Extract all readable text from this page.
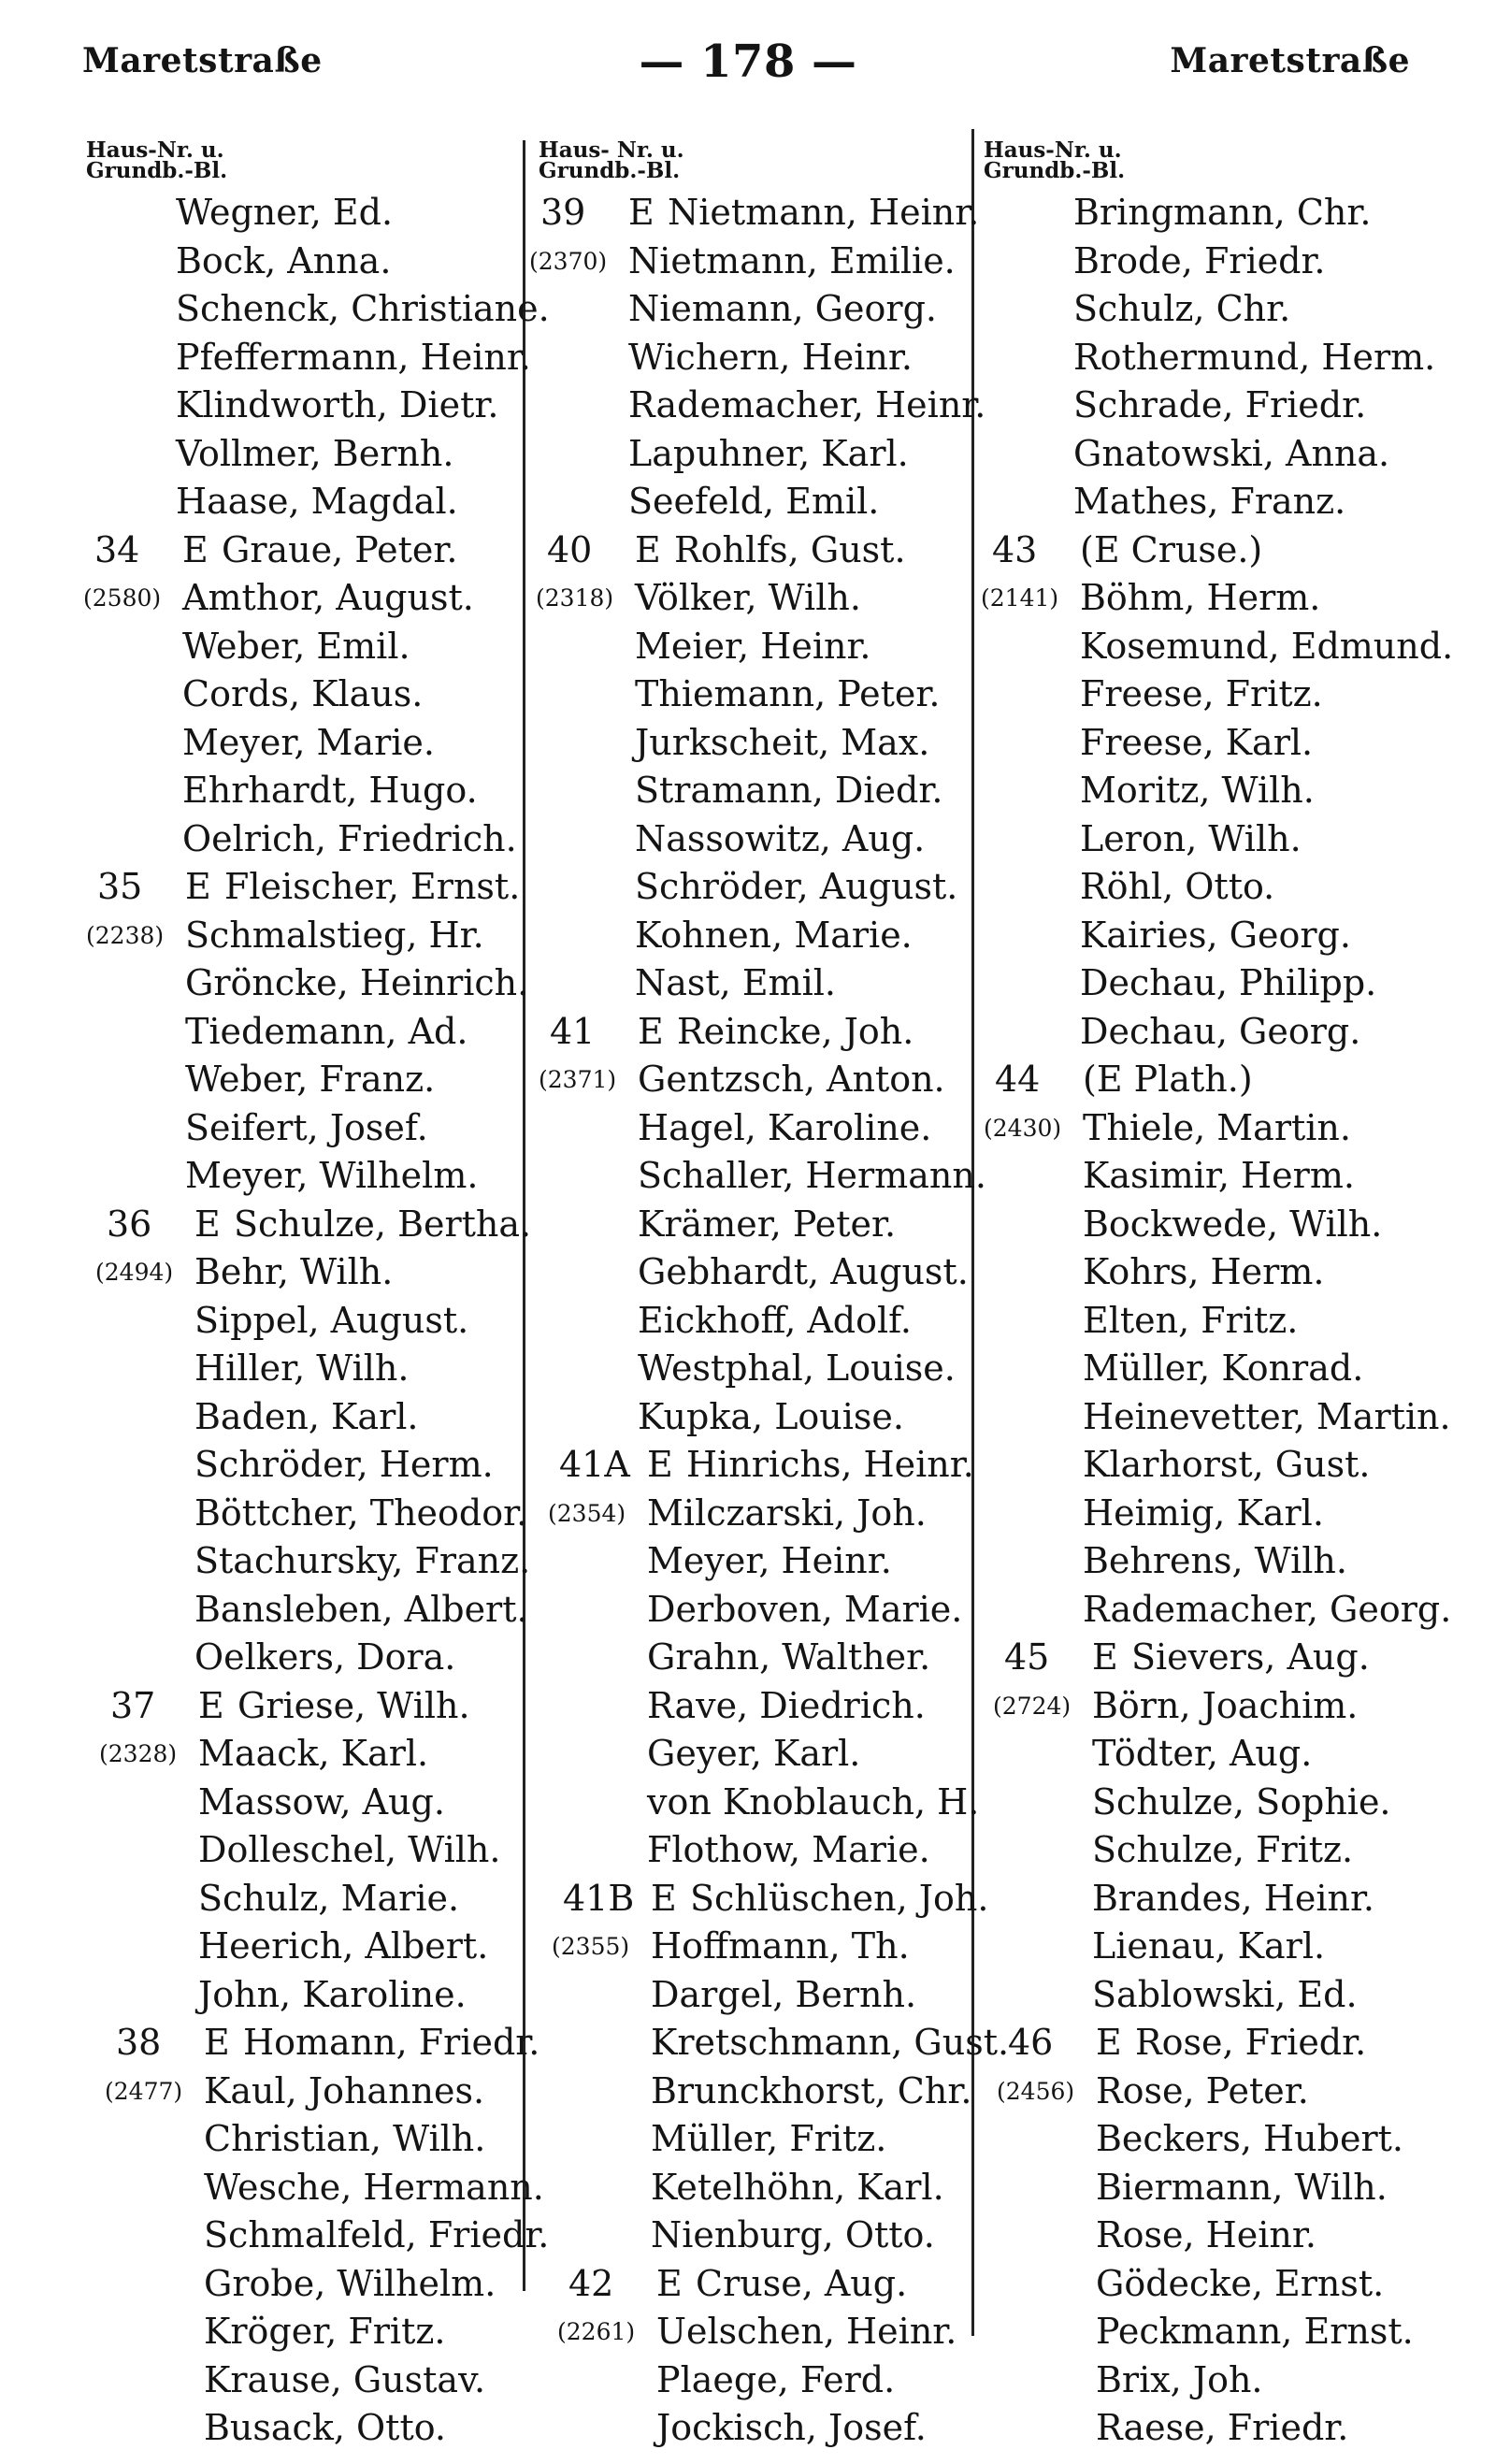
Maretstraße	— 178 —	Maretstraße
Haus-Nr. u.
Grundb.-Bl.
Wegner, Ed.
Bock, Anna.
Schenck, Christiane.
Pfeffermann, Heinr.
Klindworth, Dietr.
Vollmer, Bernh.
Haase, Magdal.
34 E Graue, Peter.
(2580) Amthor, August.
Weber, Emil.
Cords, Klaus.
Meyer, Marie.
Ehrhardt, Hugo.
Oelrich, Friedrich.
35 E Fleischer, Ernst.
(2238) Schmalstieg, Hr.
Gröncke, Heinrich.
Tiedemann, Ad.
Weber, Franz.
Seifert, Josef.
Meyer, Wilhelm.
36 E Schulze, Bertha.
(2494) Behr, Wilh.
Sippel, August.
Hiller, Wilh.
Baden, Karl.
Schröder, Herm.
Böttcher, Theodor.
Stachursky, Franz.
Bansleben, Albert.
Oelkers, Dora.
37 E Griese, Wilh.
(2328) Maack, Karl.
Massow, Aug.
Dolleschel, Wilh.
Schulz, Marie.
Heerich, Albert.
John, Karoline.
38 E Homann, Friedr.
(2477) Kaul, Johannes.
Christian, Wilh.
Wesche, Hermann.
Schmalfeld, Friedr.
Grobe, Wilhelm.
Kröger, Fritz.
Krause, Gustav.
Busack, Otto.
Haus- Nr. u.
Grundb.-Bl.
39 E Nietmann, Heinr.
(2370) Nietmann, Emilie.
Niemann, Georg.
Wichern, Heinr.
Rademacher, Heinr.
Lapuhner, Karl.
Seefeld, Emil.
40 E Rohlfs, Gust.
(2318) Völker, Wilh.
Meier, Heinr.
Thiemann, Peter.
Jurkscheit, Max.
Stramann, Diedr.
Nassowitz, Aug.
Schröder, August.
Kohnen, Marie.
Nast, Emil.
41 E Reincke, Joh.
(2371) Gentzsch, Anton.
Hagel, Karoline.
Schaller, Hermann.
Krämer, Peter.
Gebhardt, August.
Eickhoff, Adolf.
Westphal, Louise.
Kupka, Louise.
41A E Hinrichs, Heinr.
(2354) Milczarski, Joh.
Meyer, Heinr.
Derboven, Marie.
Grahn, Walther.
Rave, Diedrich.
Geyer, Karl.
von Knoblauch, H.
Flothow, Marie.
41B E Schlüschen, Joh.
(2355) Hoffmann, Th.
Dargel, Bernh.
Kretschmann, Gust.
Brunckhorst, Chr.
Müller, Fritz.
Ketelhöhn, Karl.
Nienburg, Otto.
42 E Cruse, Aug.
(2261) Uelschen, Heinr.
Plaege, Ferd.
Jockisch, Josef.
Haus-Nr. u.
Grundb.-Bl.
Bringmann, Chr.
Brode, Friedr.
Schulz, Chr.
Rothermund, Herm.
Schrade, Friedr.
Gnatowski, Anna.
Mathes, Franz.
43 (E Cruse.)
(2141) Böhm, Herm.
Kosemund, Edmund.
Freese, Fritz.
Freese, Karl.
Moritz, Wilh.
Leron, Wilh.
Röhl, Otto.
Kairies, Georg.
Dechau, Philipp.
Dechau, Georg.
44 (E Plath.)
(2430) Thiele, Martin.
Kasimir, Herm.
Bockwede, Wilh.
Kohrs, Herm.
Elten, Fritz.
Müller, Konrad.
Heinevetter, Martin.
Klarhorst, Gust.
Heimig, Karl.
Behrens, Wilh.
Rademacher, Georg.
45 E Sievers, Aug.
(2724) Börn, Joachim.
Tödter, Aug.
Schulze, Sophie.
Schulze, Fritz.
Brandes, Heinr.
Lienau, Karl.
Sablowski, Ed.
46 E Rose, Friedr.
(2456) Rose, Peter.
Beckers, Hubert.
Biermann, Wilh.
Rose, Heinr.
Gödecke, Ernst.
Peckmann, Ernst.
Brix, Joh.
Raese, Friedr.
